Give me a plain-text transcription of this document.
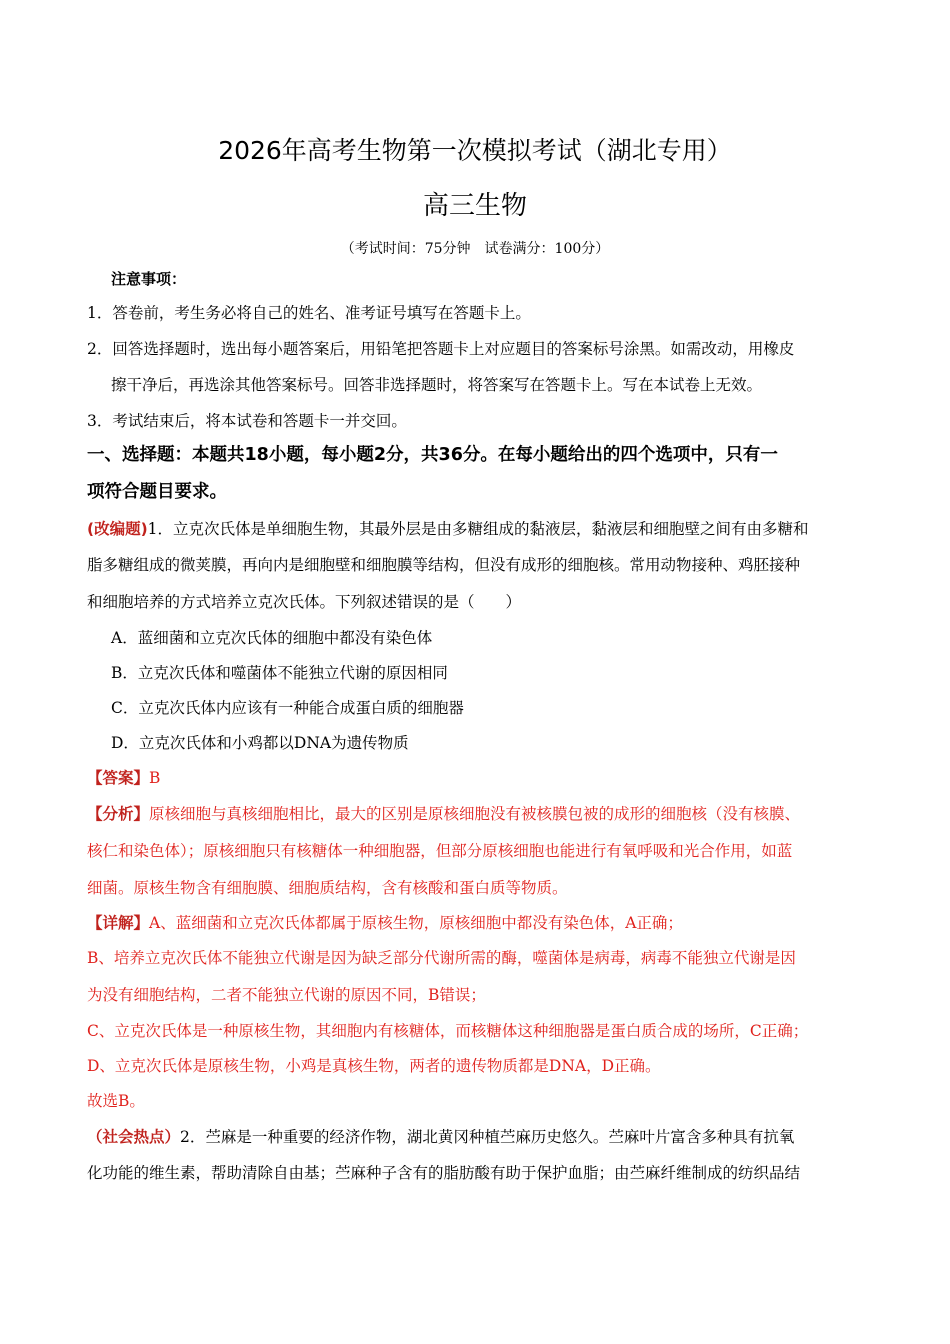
2026年高考生物第一次模拟考试（湖北专用）
高三生物
（考试时间：75分钟　试卷满分：100分）
注意事项：
1．答卷前，考生务必将自己的姓名、准考证号填写在答题卡上。
2．回答选择题时，选出每小题答案后，用铅笔把答题卡上对应题目的答案标号涂黑。如需改动，用橡皮
擦干净后，再选涂其他答案标号。回答非选择题时，将答案写在答题卡上。写在本试卷上无效。
3．考试结束后，将本试卷和答题卡一并交回。
一、选择题：本题共18小题，每小题2分，共36分。在每小题给出的四个选项中，只有一
项符合题目要求。
(改编题)1．立克次氏体是单细胞生物，其最外层是由多糖组成的黏液层，黏液层和细胞壁之间有由多糖和
脂多糖组成的微荚膜，再向内是细胞壁和细胞膜等结构，但没有成形的细胞核。常用动物接种、鸡胚接种
和细胞培养的方式培养立克次氏体。下列叙述错误的是（　　）
A．蓝细菌和立克次氏体的细胞中都没有染色体
B．立克次氏体和噬菌体不能独立代谢的原因相同
C．立克次氏体内应该有一种能合成蛋白质的细胞器
D．立克次氏体和小鸡都以DNA为遗传物质
【答案】B
【分析】原核细胞与真核细胞相比，最大的区别是原核细胞没有被核膜包被的成形的细胞核（没有核膜、
核仁和染色体）；原核细胞只有核糖体一种细胞器，但部分原核细胞也能进行有氧呼吸和光合作用，如蓝
细菌。原核生物含有细胞膜、细胞质结构，含有核酸和蛋白质等物质。
【详解】A、蓝细菌和立克次氏体都属于原核生物，原核细胞中都没有染色体，A正确；
B、培养立克次氏体不能独立代谢是因为缺乏部分代谢所需的酶，噬菌体是病毒，病毒不能独立代谢是因
为没有细胞结构，二者不能独立代谢的原因不同，B错误；
C、立克次氏体是一种原核生物，其细胞内有核糖体，而核糖体这种细胞器是蛋白质合成的场所，C正确；
D、立克次氏体是原核生物，小鸡是真核生物，两者的遗传物质都是DNA，D正确。
故选B。
（社会热点）2．苎麻是一种重要的经济作物，湖北黄冈种植苎麻历史悠久。苎麻叶片富含多种具有抗氧
化功能的维生素，帮助清除自由基；苎麻种子含有的脂肪酸有助于保护血脂；由苎麻纤维制成的纺织品结
